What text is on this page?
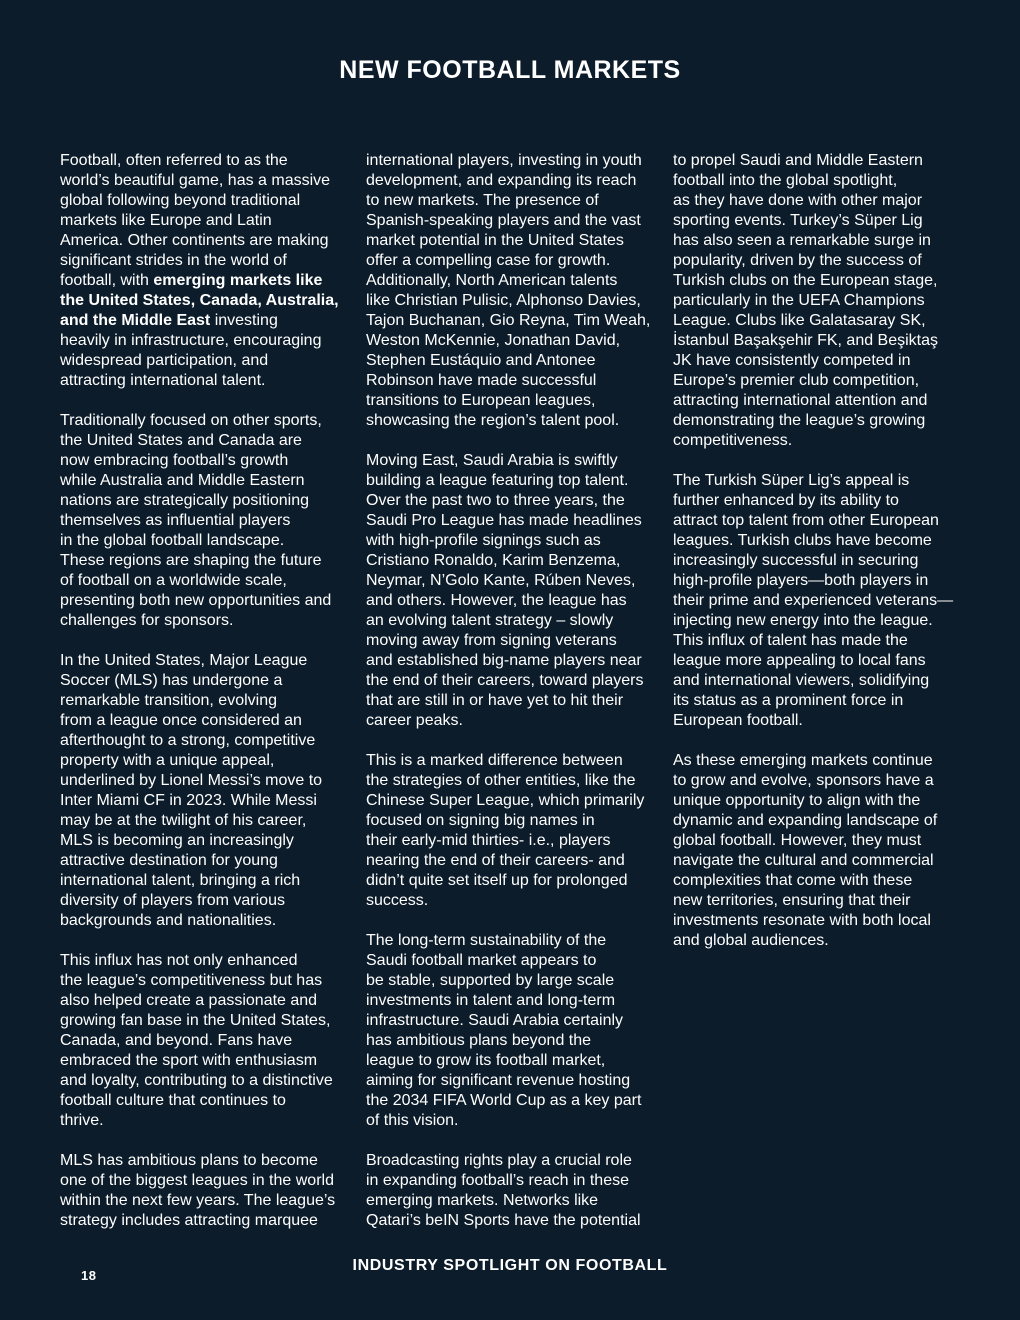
NEW FOOTBALL MARKETS

Football, often referred to as the
world’s beautiful game, has a massive
global following beyond traditional
markets like Europe and Latin
America. Other continents are making
significant strides in the world of
football, with emerging markets like
the United States, Canada, Australia,
and the Middle East investing
heavily in infrastructure, encouraging
widespread participation, and
attracting international talent.

Traditionally focused on other sports,
the United States and Canada are
now embracing football’s growth
while Australia and Middle Eastern
nations are strategically positioning
themselves as influential players
in the global football landscape.
These regions are shaping the future
of football on a worldwide scale,
presenting both new opportunities and
challenges for sponsors.

In the United States, Major League
Soccer (MLS) has undergone a
remarkable transition, evolving
from a league once considered an
afterthought to a strong, competitive
property with a unique appeal,
underlined by Lionel Messi’s move to
Inter Miami CF in 2023. While Messi
may be at the twilight of his career,
MLS is becoming an increasingly
attractive destination for young
international talent, bringing a rich
diversity of players from various
backgrounds and nationalities.

This influx has not only enhanced
the league’s competitiveness but has
also helped create a passionate and
growing fan base in the United States,
Canada, and beyond. Fans have
embraced the sport with enthusiasm
and loyalty, contributing to a distinctive
football culture that continues to
thrive.

MLS has ambitious plans to become
one of the biggest leagues in the world
within the next few years. The league’s
strategy includes attracting marquee

international players, investing in youth
development, and expanding its reach
to new markets. The presence of
Spanish-speaking players and the vast
market potential in the United States
offer a compelling case for growth.
Additionally, North American talents
like Christian Pulisic, Alphonso Davies,
Tajon Buchanan, Gio Reyna, Tim Weah,
Weston McKennie, Jonathan David,
Stephen Eustáquio and Antonee
Robinson have made successful
transitions to European leagues,
showcasing the region’s talent pool.

Moving East, Saudi Arabia is swiftly
building a league featuring top talent.
Over the past two to three years, the
Saudi Pro League has made headlines
with high-profile signings such as
Cristiano Ronaldo, Karim Benzema,
Neymar, N’Golo Kante, Rúben Neves,
and others. However, the league has
an evolving talent strategy – slowly
moving away from signing veterans
and established big-name players near
the end of their careers, toward players
that are still in or have yet to hit their
career peaks.

This is a marked difference between
the strategies of other entities, like the
Chinese Super League, which primarily
focused on signing big names in
their early-mid thirties- i.e., players
nearing the end of their careers- and
didn’t quite set itself up for prolonged
success.

The long-term sustainability of the
Saudi football market appears to
be stable, supported by large scale
investments in talent and long-term
infrastructure. Saudi Arabia certainly
has ambitious plans beyond the
league to grow its football market,
aiming for significant revenue hosting
the 2034 FIFA World Cup as a key part
of this vision.

Broadcasting rights play a crucial role
in expanding football’s reach in these
emerging markets. Networks like
Qatari’s beIN Sports have the potential

to propel Saudi and Middle Eastern
football into the global spotlight,
as they have done with other major
sporting events. Turkey’s Süper Lig
has also seen a remarkable surge in
popularity, driven by the success of
Turkish clubs on the European stage,
particularly in the UEFA Champions
League. Clubs like Galatasaray SK,
İstanbul Başakşehir FK, and Beşiktaş
JK have consistently competed in
Europe’s premier club competition,
attracting international attention and
demonstrating the league’s growing
competitiveness.

The Turkish Süper Lig’s appeal is
further enhanced by its ability to
attract top talent from other European
leagues. Turkish clubs have become
increasingly successful in securing
high-profile players—both players in
their prime and experienced veterans—
injecting new energy into the league.
This influx of talent has made the
league more appealing to local fans
and international viewers, solidifying
its status as a prominent force in
European football.

As these emerging markets continue
to grow and evolve, sponsors have a
unique opportunity to align with the
dynamic and expanding landscape of
global football. However, they must
navigate the cultural and commercial
complexities that come with these
new territories, ensuring that their
investments resonate with both local
and global audiences.

18
INDUSTRY SPOTLIGHT ON FOOTBALL
